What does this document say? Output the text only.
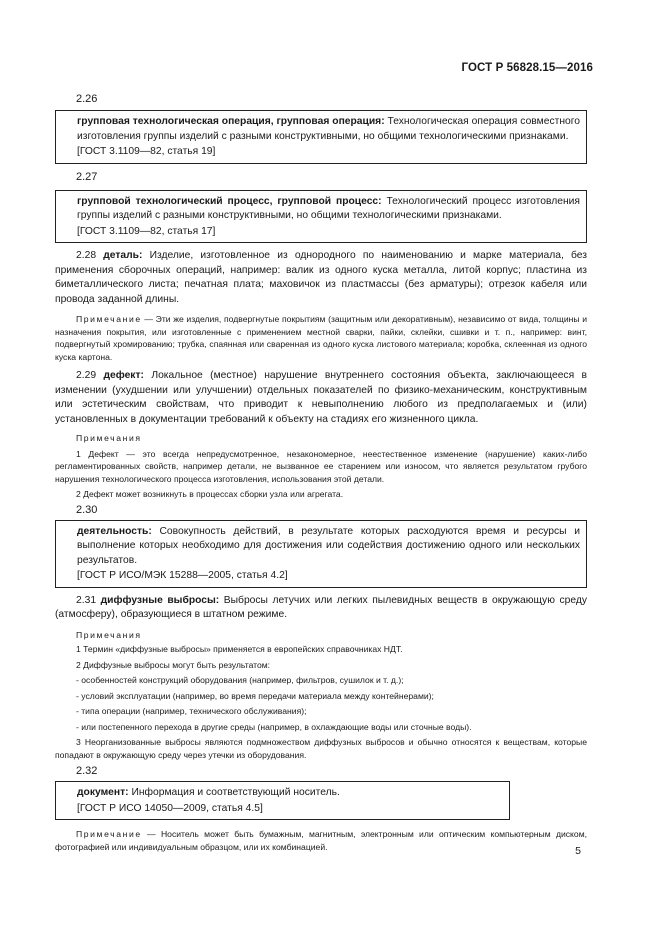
ГОСТ Р 56828.15—2016
2.26
групповая технологическая операция, групповая операция: Технологическая операция совместного изготовления группы изделий с разными конструктивными, но общими технологическими признаками.
[ГОСТ 3.1109—82, статья 19]
2.27
групповой технологический процесс, групповой процесс: Технологический процесс изготовления группы изделий с разными конструктивными, но общими технологическими признаками.
[ГОСТ 3.1109—82, статья 17]

2.28 деталь: Изделие, изготовленное из однородного по наименованию и марке материала, без применения сборочных операций, например: валик из одного куска металла, литой корпус; пластина из биметаллического листа; печатная плата; маховичок из пластмассы (без арматуры); отрезок кабеля или провода заданной длины.

Примечание — Эти же изделия, подвергнутые покрытиям (защитным или декоративным), независимо от вида, толщины и назначения покрытия, или изготовленные с применением местной сварки, пайки, склейки, сшивки и т. п., например: винт, подвергнутый хромированию; трубка, спаянная или сваренная из одного куска листового материала; коробка, склеенная из одного куска картона.

2.29 дефект: Локальное (местное) нарушение внутреннего состояния объекта, заключающееся в изменении (ухудшении или улучшении) отдельных показателей по физико-механическим, конструктивным или эстетическим свойствам, что приводит к невыполнению любого из предполагаемых и (или) установленных в документации требований к объекту на стадиях его жизненного цикла.

Примечания

1 Дефект — это всегда непредусмотренное, незакономерное, неестественное изменение (нарушение) каких-либо регламентированных свойств, например детали, не вызванное ее старением или износом, что является результатом грубого нарушения технологического процесса изготовления, использования этой детали.

2 Дефект может возникнуть в процессах сборки узла или агрегата.

2.30
деятельность: Совокупность действий, в результате которых расходуются время и ресурсы и выполнение которых необходимо для достижения или содействия достижению одного или нескольких результатов.
[ГОСТ Р ИСО/МЭК 15288—2005, статья 4.2]

2.31 диффузные выбросы: Выбросы летучих или легких пылевидных веществ в окружающую среду (атмосферу), образующиеся в штатном режиме.

Примечания

1 Термин «диффузные выбросы» применяется в европейских справочниках НДТ.

2 Диффузные выбросы могут быть результатом:

- особенностей конструкций оборудования (например, фильтров, сушилок и т. д.);

- условий эксплуатации (например, во время передачи материала между контейнерами);

- типа операции (например, технического обслуживания);

- или постепенного перехода в другие среды (например, в охлаждающие воды или сточные воды).

3 Неорганизованные выбросы являются подмножеством диффузных выбросов и обычно относятся к веществам, которые попадают в окружающую среду через утечки из оборудования.

2.32
документ: Информация и соответствующий носитель.
[ГОСТ Р ИСО 14050—2009, статья 4.5]

Примечание — Носитель может быть бумажным, магнитным, электронным или оптическим компьютерным диском, фотографией или индивидуальным образцом, или их комбинацией.	5
